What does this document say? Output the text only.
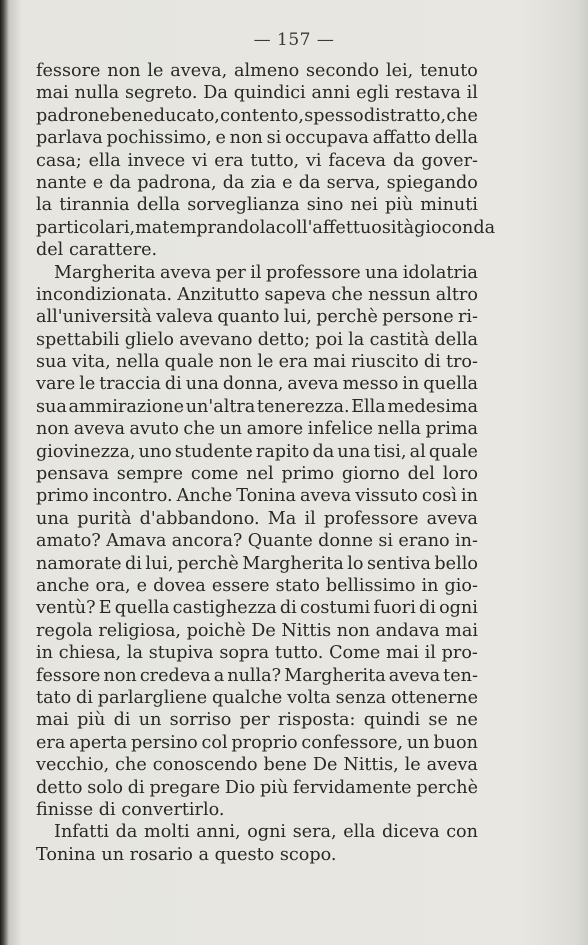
— 157 —
fessore non le aveva, almeno secondo lei, tenuto
mai nulla segreto. Da quindici anni egli restava il
padrone ben educato, contento, spesso distratto, che
parlava pochissimo, e non si occupava affatto della
casa; ella invece vi era tutto, vi faceva da gover-
nante e da padrona, da zia e da serva, spiegando
la tirannia della sorveglianza sino nei più minuti
particolari, ma temprandola coll'affettuosità gioconda
del carattere.
Margherita aveva per il professore una idolatria
incondizionata. Anzitutto sapeva che nessun altro
all'università valeva quanto lui, perchè persone ri-
spettabili glielo avevano detto; poi la castità della
sua vita, nella quale non le era mai riuscito di tro-
vare le traccia di una donna, aveva messo in quella
sua ammirazione un'altra tenerezza. Ella medesima
non aveva avuto che un amore infelice nella prima
giovinezza, uno studente rapito da una tisi, al quale
pensava sempre come nel primo giorno del loro
primo incontro. Anche Tonina aveva vissuto così in
una purità d'abbandono. Ma il professore aveva
amato? Amava ancora? Quante donne si erano in-
namorate di lui, perchè Margherita lo sentiva bello
anche ora, e dovea essere stato bellissimo in gio-
ventù? E quella castighezza di costumi fuori di ogni
regola religiosa, poichè De Nittis non andava mai
in chiesa, la stupiva sopra tutto. Come mai il pro-
fessore non credeva a nulla? Margherita aveva ten-
tato di parlargliene qualche volta senza ottenerne
mai più di un sorriso per risposta: quindi se ne
era aperta persino col proprio confessore, un buon
vecchio, che conoscendo bene De Nittis, le aveva
detto solo di pregare Dio più fervidamente perchè
finisse di convertirlo.
Infatti da molti anni, ogni sera, ella diceva con
Tonina un rosario a questo scopo.
